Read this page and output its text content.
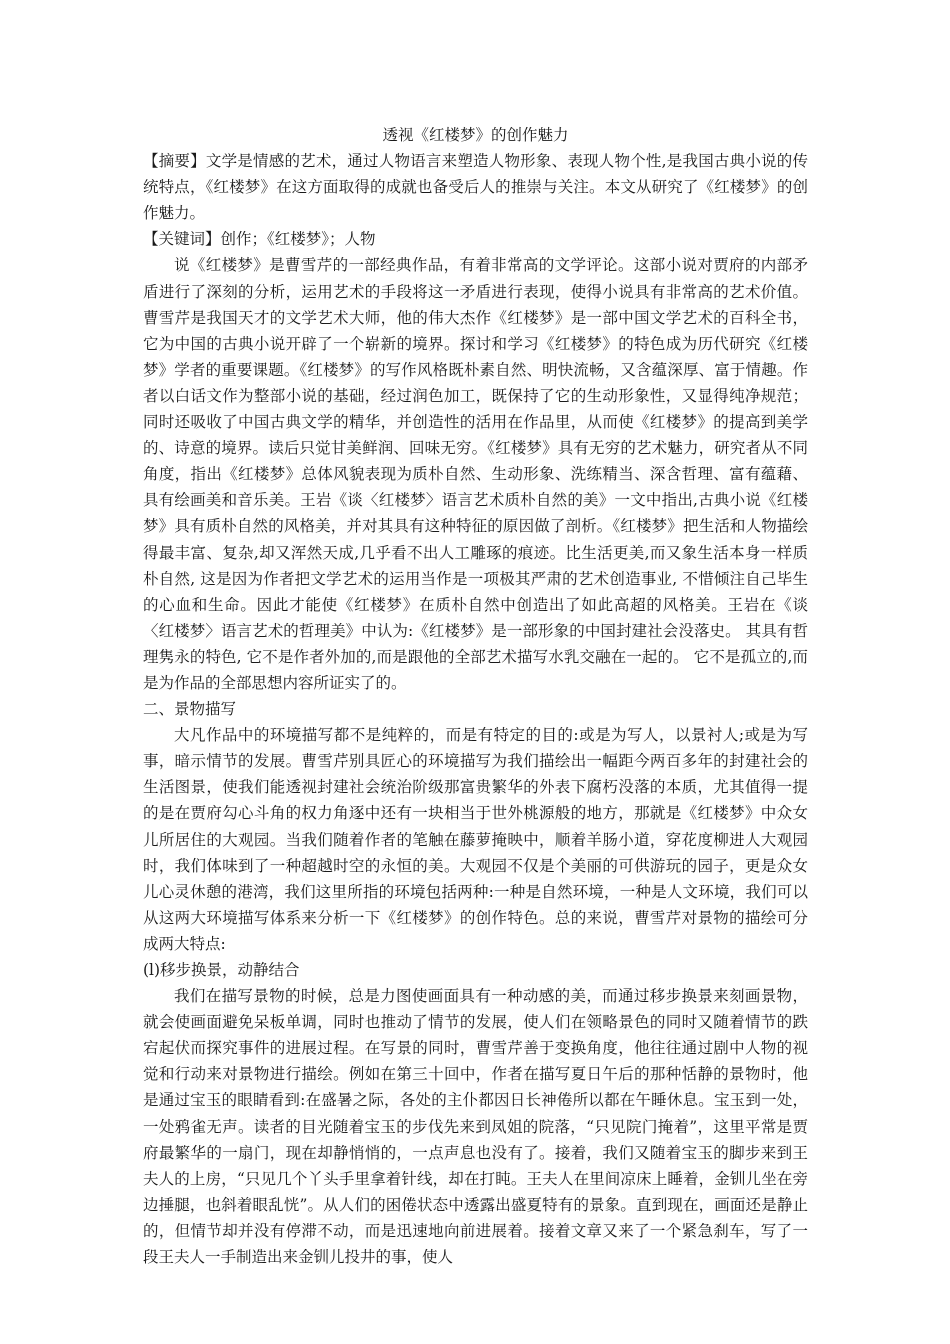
透视《红楼梦》的创作魅力

【摘要】文学是情感的艺术，通过人物语言来塑造人物形象、表现人物个性,是我国古典小说的传统特点，《红楼梦》在这方面取得的成就也备受后人的推崇与关注。本文从研究了《红楼梦》的创作魅力。

【关键词】创作；《红楼梦》；人物

说《红楼梦》是曹雪芹的一部经典作品，有着非常高的文学评论。这部小说对贾府的内部矛盾进行了深刻的分析，运用艺术的手段将这一矛盾进行表现，使得小说具有非常高的艺术价值。曹雪芹是我国天才的文学艺术大师，他的伟大杰作《红楼梦》是一部中国文学艺术的百科全书，它为中国的古典小说开辟了一个崭新的境界。探讨和学习《红楼梦》的特色成为历代研究《红楼梦》学者的重要课题。《红楼梦》的写作风格既朴素自然、明快流畅，又含蕴深厚、富于情趣。作者以白话文作为整部小说的基础，经过润色加工，既保持了它的生动形象性，又显得纯净规范；同时还吸收了中国古典文学的精华，并创造性的活用在作品里，从而使《红楼梦》的提高到美学的、诗意的境界。读后只觉甘美鲜润、回味无穷。《红楼梦》具有无穷的艺术魅力，研究者从不同角度，指出《红楼梦》总体风貌表现为质朴自然、生动形象、洗练精当、深含哲理、富有蕴藉、具有绘画美和音乐美。王岩《谈〈红楼梦〉语言艺术质朴自然的美》一文中指出,古典小说《红楼梦》具有质朴自然的风格美，并对其具有这种特征的原因做了剖析。《红楼梦》把生活和人物描绘得最丰富、复杂,却又浑然天成,几乎看不出人工雕琢的痕迹。比生活更美,而又象生活本身一样质朴自然, 这是因为作者把文学艺术的运用当作是一项极其严肃的艺术创造事业, 不惜倾注自己毕生的心血和生命。因此才能使《红楼梦》在质朴自然中创造出了如此高超的风格美。王岩在《谈〈红楼梦〉语言艺术的哲理美》中认为:《红楼梦》是一部形象的中国封建社会没落史。 其具有哲理隽永的特色, 它不是作者外加的,而是跟他的全部艺术描写水乳交融在一起的。 它不是孤立的,而是为作品的全部思想内容所证实了的。

二、景物描写

大凡作品中的环境描写都不是纯粹的，而是有特定的目的:或是为写人，以景衬人;或是为写事，暗示情节的发展。曹雪芹别具匠心的环境描写为我们描绘出一幅距今两百多年的封建社会的生活图景，使我们能透视封建社会统治阶级那富贵繁华的外表下腐朽没落的本质，尤其值得一提的是在贾府勾心斗角的权力角逐中还有一块相当于世外桃源般的地方，那就是《红楼梦》中众女儿所居住的大观园。当我们随着作者的笔触在藤萝掩映中，顺着羊肠小道，穿花度柳进人大观园时，我们体味到了一种超越时空的永恒的美。大观园不仅是个美丽的可供游玩的园子，更是众女儿心灵休憩的港湾，我们这里所指的环境包括两种:一种是自然环境，一种是人文环境，我们可以从这两大环境描写体系来分析一下《红楼梦》的创作特色。总的来说，曹雪芹对景物的描绘可分成两大特点:

(l)移步换景，动静结合

我们在描写景物的时候，总是力图使画面具有一种动感的美，而通过移步换景来刻画景物，就会使画面避免呆板单调，同时也推动了情节的发展，使人们在领略景色的同时又随着情节的跌宕起伏而探究事件的进展过程。在写景的同时，曹雪芹善于变换角度，他往往通过剧中人物的视觉和行动来对景物进行描绘。例如在第三十回中，作者在描写夏日午后的那种恬静的景物时，他是通过宝玉的眼睛看到:在盛暑之际，各处的主仆都因日长神倦所以都在午睡休息。宝玉到一处，一处鸦雀无声。读者的目光随着宝玉的步伐先来到凤姐的院落，“只见院门掩着”，这里平常是贾府最繁华的一扇门，现在却静悄悄的，一点声息也没有了。接着，我们又随着宝玉的脚步来到王夫人的上房，“只见几个丫头手里拿着针线，却在打盹。王夫人在里间凉床上睡着，金钏儿坐在旁边捶腿，也斜着眼乱恍”。从人们的困倦状态中透露出盛夏特有的景象。直到现在，画面还是静止的，但情节却并没有停滞不动，而是迅速地向前进展着。接着文章又来了一个紧急刹车，写了一段王夫人一手制造出来金钏儿投井的事，使人
